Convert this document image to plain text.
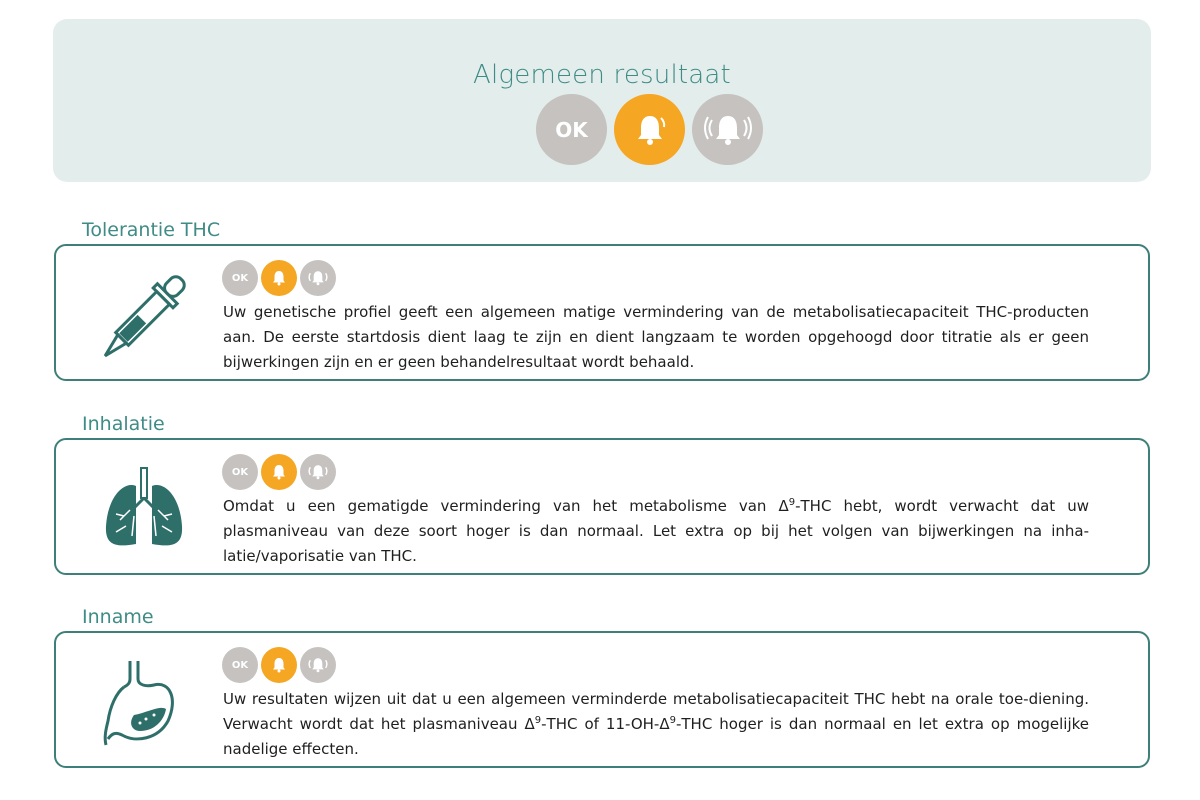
Algemeen resultaat
OK
Tolerantie THC
OK
Uw genetische profiel geeft een algemeen matige vermindering van de metabolisatiecapaciteit THC-producten aan. De eerste startdosis dient laag te zijn en dient langzaam te worden opgehoogd door titratie als er geen bijwerkingen zijn en er geen behandelresultaat wordt behaald.
Inhalatie
OK
Omdat u een gematigde vermindering van het metabolisme van $\Delta^9$-THC hebt, wordt verwacht dat uw plasmaniveau van deze soort hoger is dan normaal. Let extra op bij het volgen van bijwerkingen na inha-latie/vaporisatie van THC.
Inname
OK
Uw resultaten wijzen uit dat u een algemeen verminderde metabolisatiecapaciteit THC hebt na orale toe-diening. Verwacht wordt dat het plasmaniveau $\Delta^9$-THC of $11-OH-\Delta^9$-THC hoger is dan normaal en let extra op mogelijke nadelige effecten.
